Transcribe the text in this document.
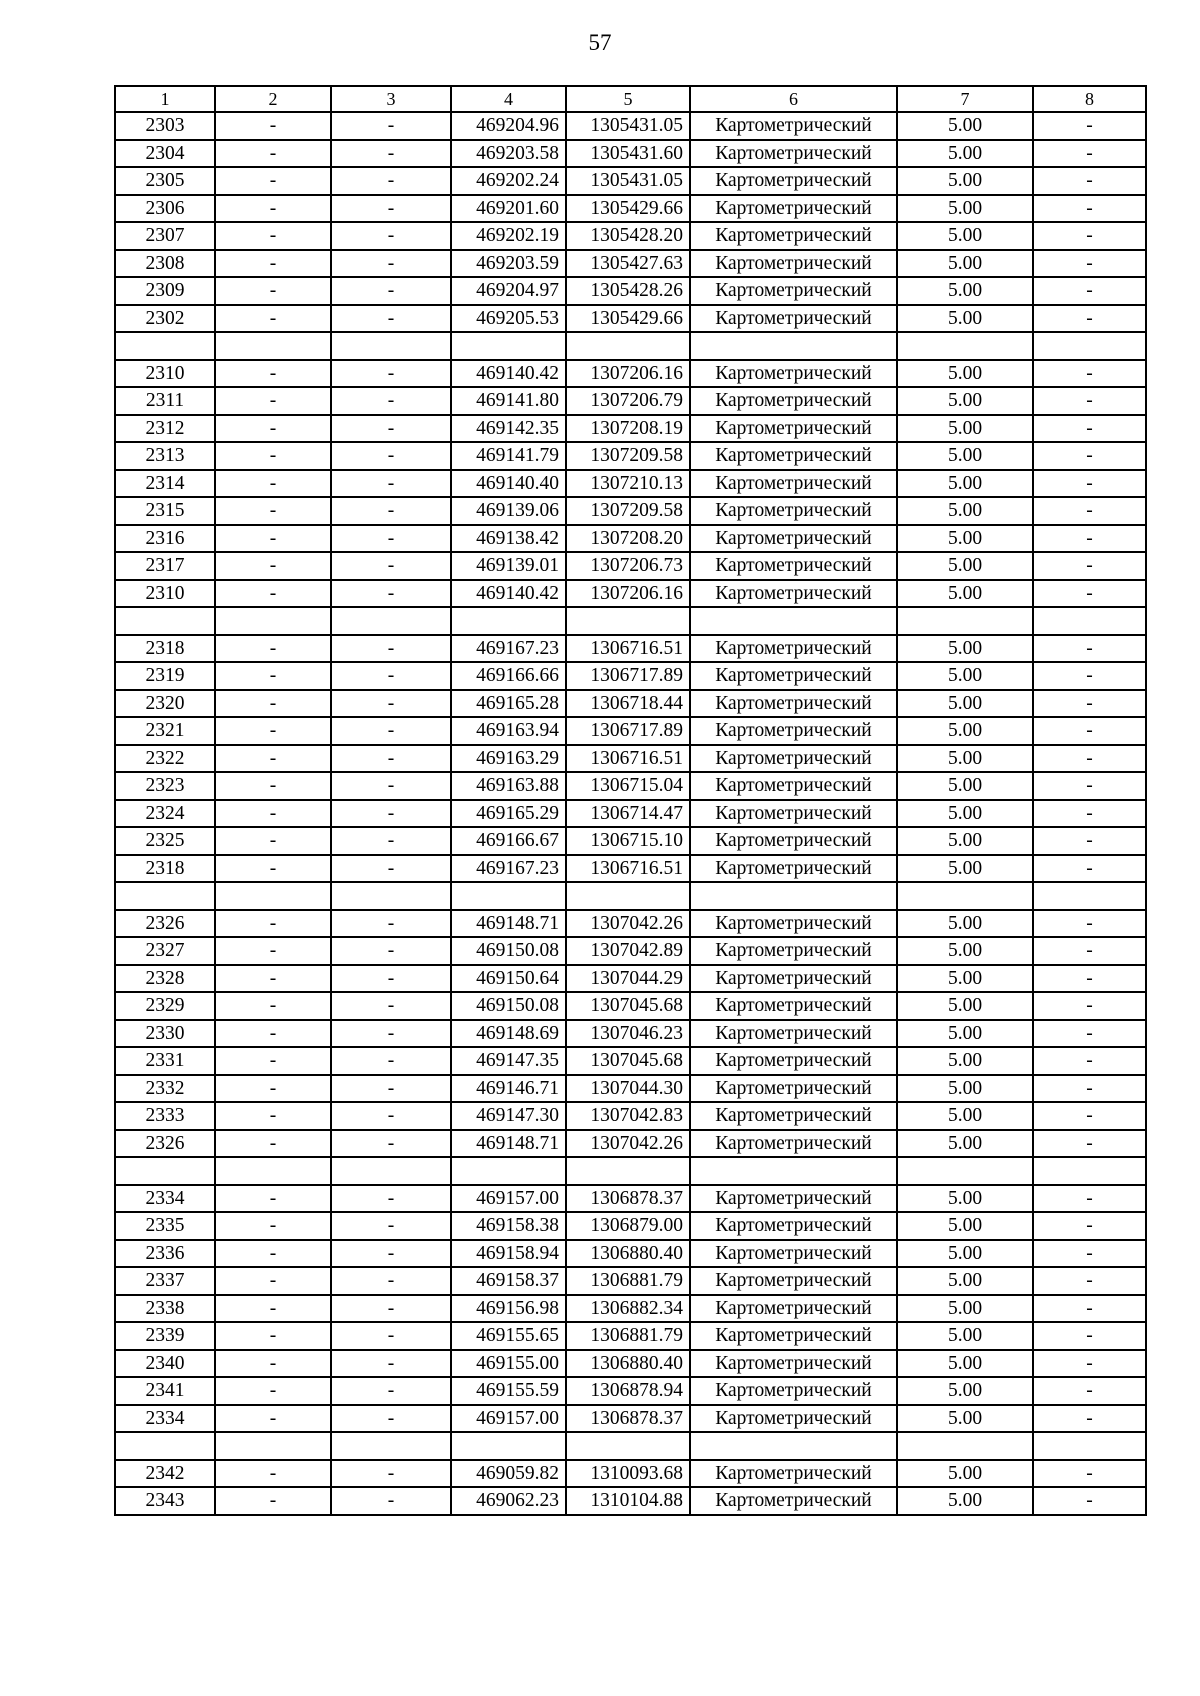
57
1	2	3	4	5	6	7	8
2303	-	-	469204.96	1305431.05	Картометрический	5.00	-
2304	-	-	469203.58	1305431.60	Картометрический	5.00	-
2305	-	-	469202.24	1305431.05	Картометрический	5.00	-
2306	-	-	469201.60	1305429.66	Картометрический	5.00	-
2307	-	-	469202.19	1305428.20	Картометрический	5.00	-
2308	-	-	469203.59	1305427.63	Картометрический	5.00	-
2309	-	-	469204.97	1305428.26	Картометрический	5.00	-
2302	-	-	469205.53	1305429.66	Картометрический	5.00	-

2310	-	-	469140.42	1307206.16	Картометрический	5.00	-
2311	-	-	469141.80	1307206.79	Картометрический	5.00	-
2312	-	-	469142.35	1307208.19	Картометрический	5.00	-
2313	-	-	469141.79	1307209.58	Картометрический	5.00	-
2314	-	-	469140.40	1307210.13	Картометрический	5.00	-
2315	-	-	469139.06	1307209.58	Картометрический	5.00	-
2316	-	-	469138.42	1307208.20	Картометрический	5.00	-
2317	-	-	469139.01	1307206.73	Картометрический	5.00	-
2310	-	-	469140.42	1307206.16	Картометрический	5.00	-

2318	-	-	469167.23	1306716.51	Картометрический	5.00	-
2319	-	-	469166.66	1306717.89	Картометрический	5.00	-
2320	-	-	469165.28	1306718.44	Картометрический	5.00	-
2321	-	-	469163.94	1306717.89	Картометрический	5.00	-
2322	-	-	469163.29	1306716.51	Картометрический	5.00	-
2323	-	-	469163.88	1306715.04	Картометрический	5.00	-
2324	-	-	469165.29	1306714.47	Картометрический	5.00	-
2325	-	-	469166.67	1306715.10	Картометрический	5.00	-
2318	-	-	469167.23	1306716.51	Картометрический	5.00	-

2326	-	-	469148.71	1307042.26	Картометрический	5.00	-
2327	-	-	469150.08	1307042.89	Картометрический	5.00	-
2328	-	-	469150.64	1307044.29	Картометрический	5.00	-
2329	-	-	469150.08	1307045.68	Картометрический	5.00	-
2330	-	-	469148.69	1307046.23	Картометрический	5.00	-
2331	-	-	469147.35	1307045.68	Картометрический	5.00	-
2332	-	-	469146.71	1307044.30	Картометрический	5.00	-
2333	-	-	469147.30	1307042.83	Картометрический	5.00	-
2326	-	-	469148.71	1307042.26	Картометрический	5.00	-

2334	-	-	469157.00	1306878.37	Картометрический	5.00	-
2335	-	-	469158.38	1306879.00	Картометрический	5.00	-
2336	-	-	469158.94	1306880.40	Картометрический	5.00	-
2337	-	-	469158.37	1306881.79	Картометрический	5.00	-
2338	-	-	469156.98	1306882.34	Картометрический	5.00	-
2339	-	-	469155.65	1306881.79	Картометрический	5.00	-
2340	-	-	469155.00	1306880.40	Картометрический	5.00	-
2341	-	-	469155.59	1306878.94	Картометрический	5.00	-
2334	-	-	469157.00	1306878.37	Картометрический	5.00	-

2342	-	-	469059.82	1310093.68	Картометрический	5.00	-
2343	-	-	469062.23	1310104.88	Картометрический	5.00	-
